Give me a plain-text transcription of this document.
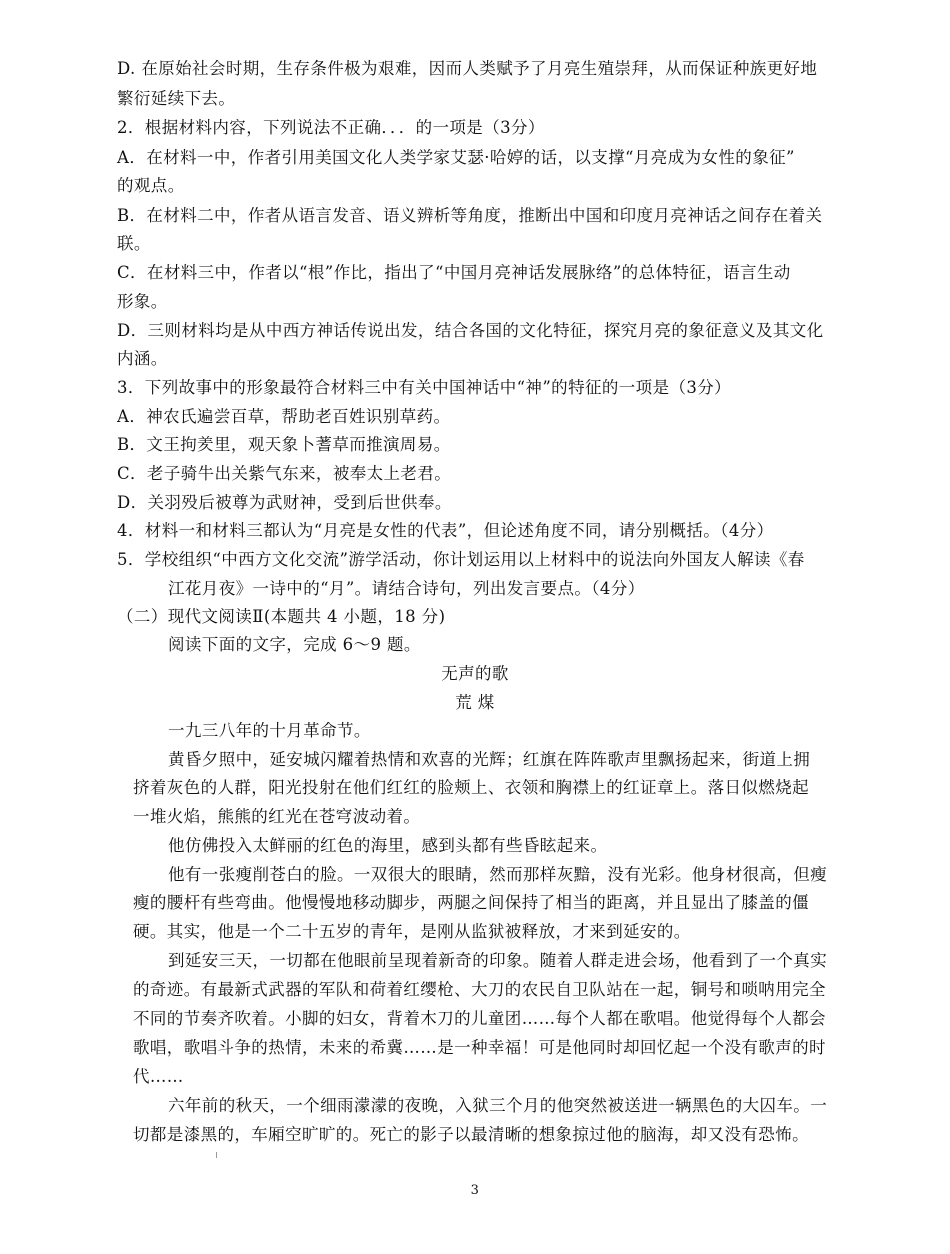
D. 在原始社会时期，生存条件极为艰难，因而人类赋予了月亮生殖崇拜，从而保证种族更好地
繁衍延续下去。
2．根据材料内容，下列说法不正确．．．的一项是（3分）
A．在材料一中，作者引用美国文化人类学家艾瑟·哈婷的话，以支撑“月亮成为女性的象征”
的观点。
B．在材料二中，作者从语言发音、语义辨析等角度，推断出中国和印度月亮神话之间存在着关
联。
C．在材料三中，作者以“根”作比，指出了“中国月亮神话发展脉络”的总体特征，语言生动
形象。
D．三则材料均是从中西方神话传说出发，结合各国的文化特征，探究月亮的象征意义及其文化
内涵。
3．下列故事中的形象最符合材料三中有关中国神话中“神”的特征的一项是（3分）
A．神农氏遍尝百草，帮助老百姓识别草药。
B．文王拘羑里，观天象卜蓍草而推演周易。
C．老子骑牛出关紫气东来，被奉太上老君。
D．关羽殁后被尊为武财神，受到后世供奉。
4．材料一和材料三都认为“月亮是女性的代表”，但论述角度不同，请分别概括。（4分）
5．学校组织“中西方文化交流”游学活动，你计划运用以上材料中的说法向外国友人解读《春
江花月夜》一诗中的“月”。请结合诗句，列出发言要点。（4分）
（二）现代文阅读Ⅱ(本题共 4 小题，18 分)
阅读下面的文字，完成 6～9 题。
无声的歌
荒 煤
一九三八年的十月革命节。
黄昏夕照中，延安城闪耀着热情和欢喜的光辉；红旗在阵阵歌声里飘扬起来，街道上拥
挤着灰色的人群，阳光投射在他们红红的脸颊上、衣领和胸襟上的红证章上。落日似燃烧起
一堆火焰，熊熊的红光在苍穹波动着。
他仿佛投入太鲜丽的红色的海里，感到头都有些昏眩起来。
他有一张瘦削苍白的脸。一双很大的眼睛，然而那样灰黯，没有光彩。他身材很高，但瘦
瘦的腰杆有些弯曲。他慢慢地移动脚步，两腿之间保持了相当的距离，并且显出了膝盖的僵
硬。其实，他是一个二十五岁的青年，是刚从监狱被释放，才来到延安的。
到延安三天，一切都在他眼前呈现着新奇的印象。随着人群走进会场，他看到了一个真实
的奇迹。有最新式武器的军队和荷着红缨枪、大刀的农民自卫队站在一起，铜号和唢呐用完全
不同的节奏齐吹着。小脚的妇女，背着木刀的儿童团……每个人都在歌唱。他觉得每个人都会
歌唱，歌唱斗争的热情，未来的希冀……是一种幸福！可是他同时却回忆起一个没有歌声的时
代……
六年前的秋天，一个细雨濛濛的夜晚，入狱三个月的他突然被送进一辆黑色的大囚车。一
切都是漆黑的，车厢空旷旷的。死亡的影子以最清晰的想象掠过他的脑海，却又没有恐怖。
3
